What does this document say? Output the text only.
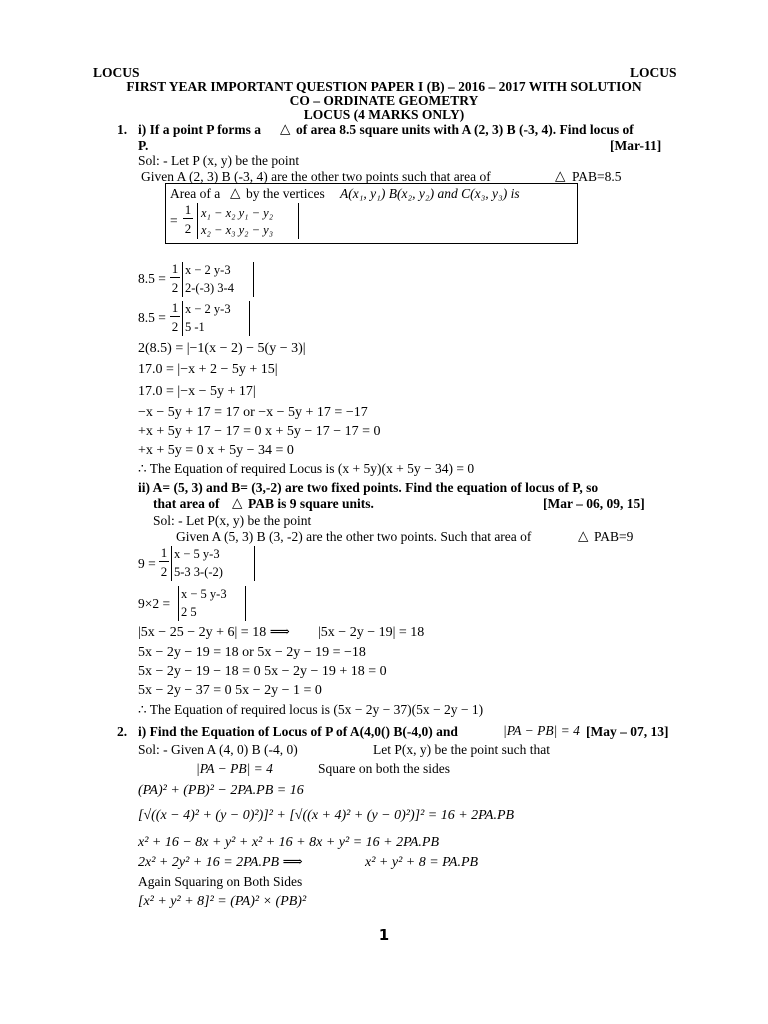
LOCUS	LOCUS
FIRST YEAR IMPORTANT QUESTION PAPER I (B) – 2016 – 2017 WITH SOLUTION
CO – ORDINATE GEOMETRY
LOCUS (4 MARKS ONLY)
1. i) If a point P forms a △ of area 8.5 square units with A (2, 3) B (-3, 4). Find locus of
P.	[Mar-11]
Sol: - Let P (x, y) be the point
Given A (2, 3) B (-3, 4) are the other two points such that area of	△ PAB=8.5
Area of a △ by the vertices A(x₁, y₁) B(x₂, y₂) and C(x₃, y₃) is
=
1
2
x₁ − x₂ y₁ − y₂
x₂ − x₃ y₂ − y₃
8.5 =
1
2
x − 2 y-3
2-(-3) 3-4
8.5 =
1
2
x − 2 y-3
5 -1
2(8.5) = |−1(x − 2) − 5(y − 3)|
17.0 = |−x + 2 − 5y + 15|
17.0 = |−x − 5y + 17|
−x − 5y + 17 = 17 or −x − 5y + 17 = −17
+x + 5y + 17 − 17 = 0 x + 5y − 17 − 17 = 0
+x + 5y = 0 x + 5y − 34 = 0
∴ The Equation of required Locus is (x + 5y)(x + 5y − 34) = 0
ii) A= (5, 3) and B= (3,-2) are two fixed points. Find the equation of locus of P, so
that area of △ PAB is 9 square units.	[Mar – 06, 09, 15]
Sol: - Let P(x, y) be the point
Given A (5, 3) B (3, -2) are the other two points. Such that area of	△ PAB=9
9 =
1
2
x − 5 y-3
5-3 3-(-2)
9×2 =
x − 5 y-3
2 5
|5x − 25 − 2y + 6| = 18 ⟹ |5x − 2y − 19| = 18
5x − 2y − 19 = 18 or 5x − 2y − 19 = −18
5x − 2y − 19 − 18 = 0 5x − 2y − 19 + 18 = 0
5x − 2y − 37 = 0 5x − 2y − 1 = 0
∴ The Equation of required locus is (5x − 2y − 37)(5x − 2y − 1)
2. i) Find the Equation of Locus of P of A(4,0() B(-4,0) and	|PA − PB| = 4 [May – 07, 13]
Sol: - Given A (4, 0) B (-4, 0)	Let P(x, y) be the point such that
|PA − PB| = 4	Square on both the sides
(PA)² + (PB)² − 2PA.PB = 16
[√((x − 4)² + (y − 0)²)]² + [√((x + 4)² + (y − 0)²)]² = 16 + 2PA.PB
x² + 16 − 8x + y² + x² + 16 + 8x + y² = 16 + 2PA.PB
2x² + 2y² + 16 = 2PA.PB ⟹	x² + y² + 8 = PA.PB
Again Squaring on Both Sides
[x² + y² + 8]² = (PA)² × (PB)²
1
